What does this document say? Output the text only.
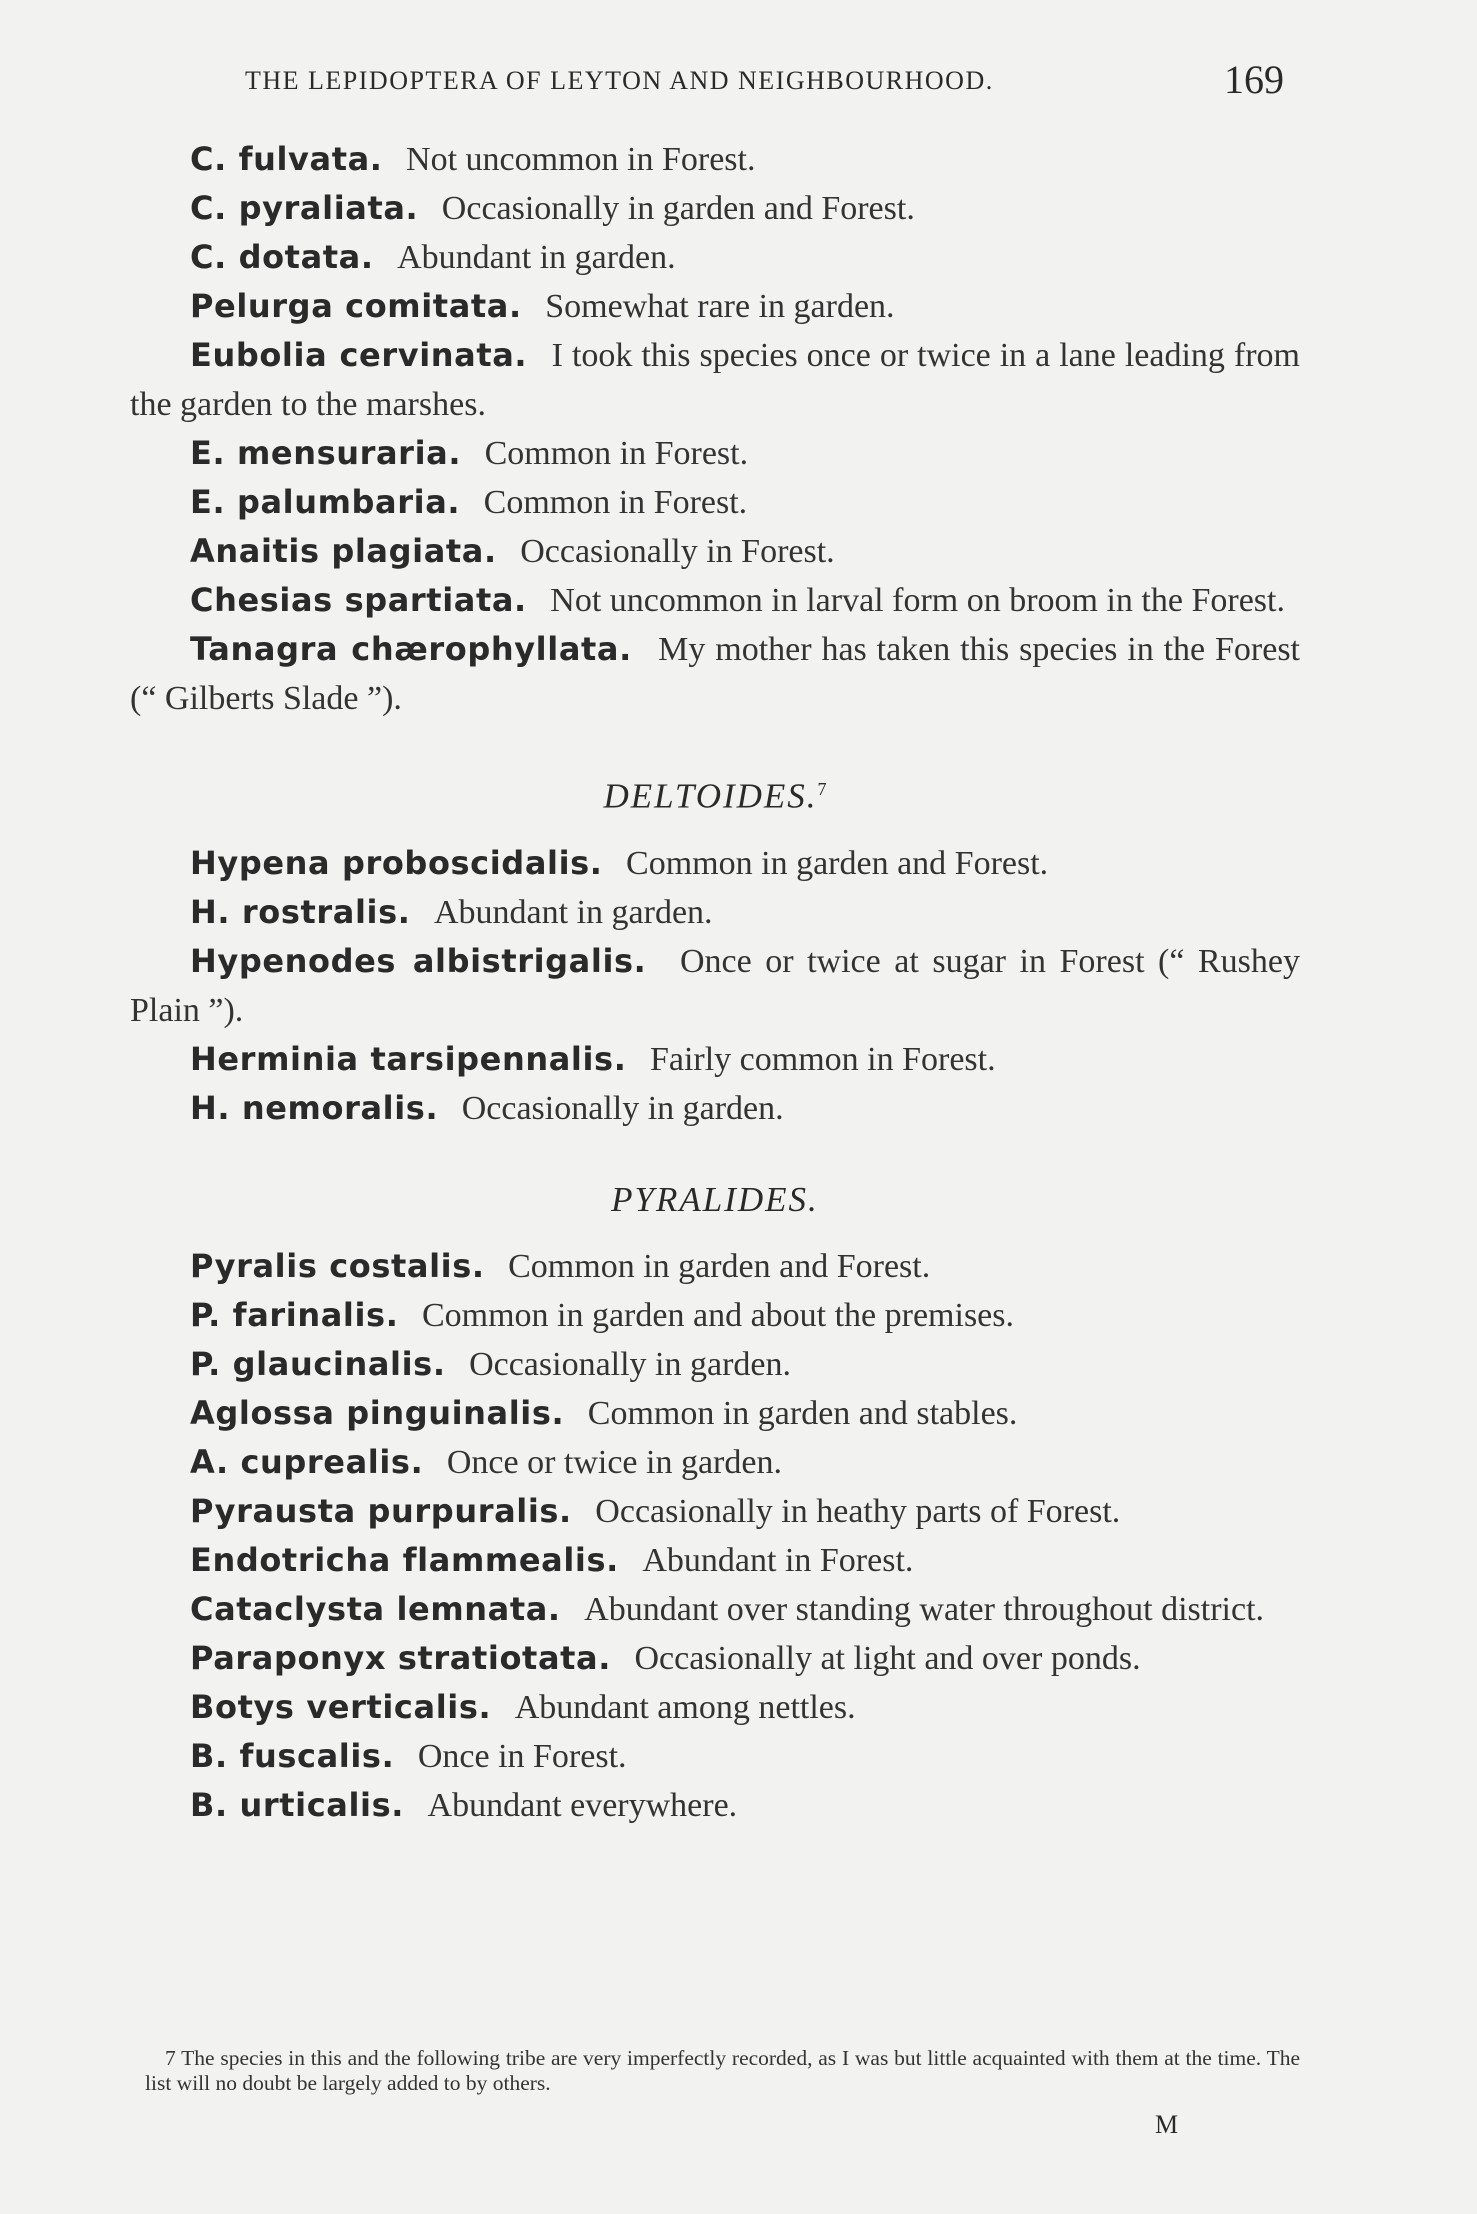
THE LEPIDOPTERA OF LEYTON AND NEIGHBOURHOOD.	169

C. fulvata. Not uncommon in Forest.

C. pyraliata. Occasionally in garden and Forest.

C. dotata. Abundant in garden.

Pelurga comitata. Somewhat rare in garden.

Eubolia cervinata. I took this species once or twice in a lane leading from the garden to the marshes.

E. mensuraria. Common in Forest.

E. palumbaria. Common in Forest.

Anaitis plagiata. Occasionally in Forest.

Chesias spartiata. Not uncommon in larval form on broom in the Forest.

Tanagra chærophyllata. My mother has taken this species in the Forest (“ Gilberts Slade ”).

DELTOIDES.$^7$

Hypena proboscidalis. Common in garden and Forest.

H. rostralis. Abundant in garden.

Hypenodes albistrigalis. Once or twice at sugar in Forest (“ Rushey Plain ”).

Herminia tarsipennalis. Fairly common in Forest.

H. nemoralis. Occasionally in garden.

PYRALIDES.

Pyralis costalis. Common in garden and Forest.

P. farinalis. Common in garden and about the premises.

P. glaucinalis. Occasionally in garden.

Aglossa pinguinalis. Common in garden and stables.

A. cuprealis. Once or twice in garden.

Pyrausta purpuralis. Occasionally in heathy parts of Forest.

Endotricha flammealis. Abundant in Forest.

Cataclysta lemnata. Abundant over standing water throughout district.

Paraponyx stratiotata. Occasionally at light and over ponds.

Botys verticalis. Abundant among nettles.

B. fuscalis. Once in Forest.

B. urticalis. Abundant everywhere.

7 The species in this and the following tribe are very imperfectly recorded, as I was but little acquainted with them at the time. The list will no doubt be largely added to by others.
M
